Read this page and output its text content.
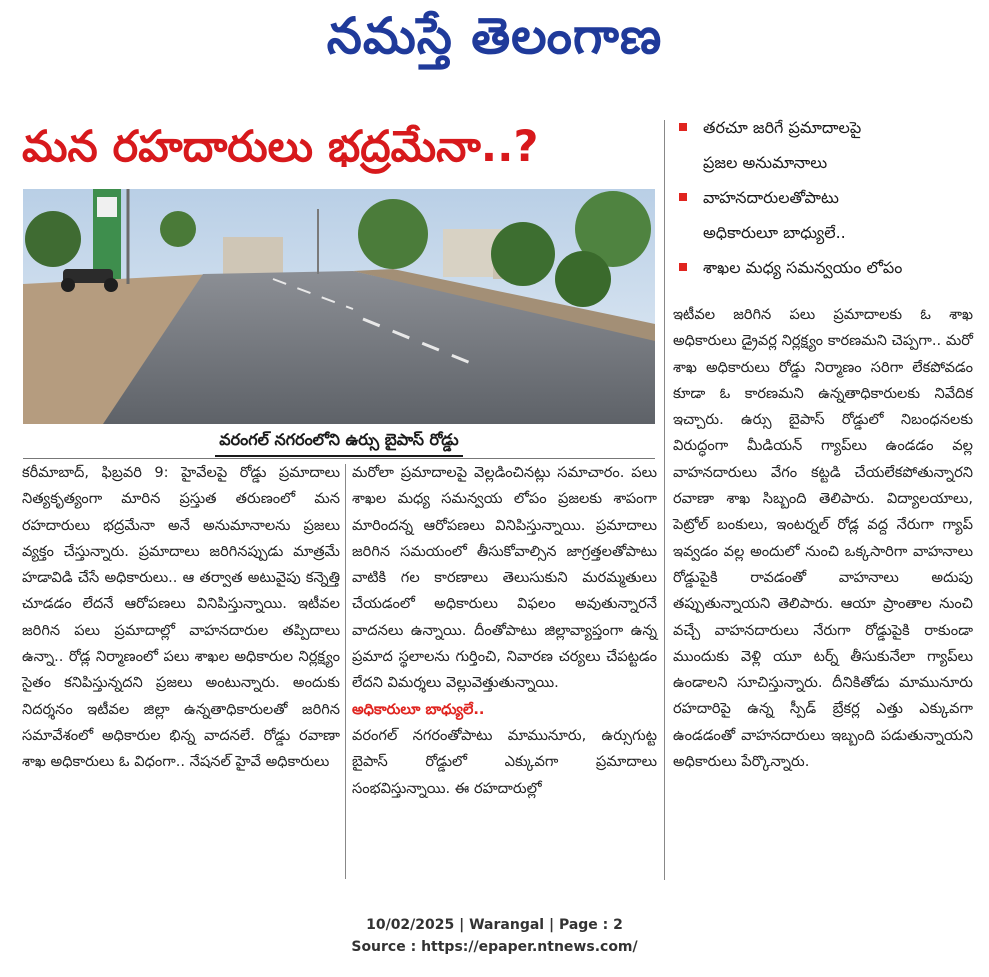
నమస్తే తెలంగాణ
మన రహదారులు భద్రమేనా..?	తరచూ జరిగే ప్రమాదాలపై
ప్రజల అనుమానాలు
వాహనదారులతోపాటు
అధికారులూ బాధ్యులే..
శాఖల మధ్య సమన్వయం లోపం
వరంగల్ నగరంలోని ఉర్సు బైపాస్ రోడ్డు

కరీమాబాద్, ఫిబ్రవరి 9: హైవేలపై రోడ్డు ప్రమాదాలు నిత్యకృత్యంగా మారిన ప్రస్తుత తరుణంలో మన రహదారులు భద్రమేనా అనే అనుమానాలను ప్రజలు వ్యక్తం చేస్తున్నారు. ప్రమాదాలు జరిగినప్పుడు మాత్రమే హడావిడి చేసే అధికారులు.. ఆ తర్వాత అటువైపు కన్నెత్తి చూడడం లేదనే ఆరోపణలు వినిపిస్తున్నాయి. ఇటీవల జరిగిన పలు ప్రమాదాల్లో వాహనదారుల తప్పిదాలు ఉన్నా.. రోడ్ల నిర్మాణంలో పలు శాఖల అధికారుల నిర్లక్ష్యం సైతం కనిపిస్తున్నదని ప్రజలు అంటున్నారు. అందుకు నిదర్శనం ఇటీవల జిల్లా ఉన్నతాధికారులతో జరిగిన సమావేశంలో అధికారుల భిన్న వాదనలే. రోడ్డు రవాణా శాఖ అధికారులు ఓ విధంగా.. నేషనల్ హైవే అధికారులు

మరోలా ప్రమాదాలపై వెల్లడించినట్లు సమాచారం. పలు శాఖల మధ్య సమన్వయ లోపం ప్రజలకు శాపంగా మారిందన్న ఆరోపణలు వినిపిస్తున్నాయి. ప్రమాదాలు జరిగిన సమయంలో తీసుకోవాల్సిన జాగ్రత్తలతోపాటు వాటికి గల కారణాలు తెలుసుకుని మరమ్మతులు చేయడంలో అధికారులు విఫలం అవుతున్నారనే వాదనలు ఉన్నాయి. దీంతోపాటు జిల్లావ్యాప్తంగా ఉన్న ప్రమాద స్థలాలను గుర్తించి, నివారణ చర్యలు చేపట్టడం లేదని విమర్శలు వెల్లువెత్తుతున్నాయి.

అధికారులూ బాధ్యులే..

వరంగల్ నగరంతోపాటు మామునూరు, ఉర్సుగుట్ట బైపాస్ రోడ్డులో ఎక్కువగా ప్రమాదాలు సంభవిస్తున్నాయి. ఈ రహదారుల్లో

ఇటీవల జరిగిన పలు ప్రమాదాలకు ఓ శాఖ అధికారులు డ్రైవర్ల నిర్లక్ష్యం కారణమని చెప్పగా.. మరో శాఖ అధికారులు రోడ్డు నిర్మాణం సరిగా లేకపోవడం కూడా ఓ కారణమని ఉన్నతాధికారులకు నివేదిక ఇచ్చారు. ఉర్సు బైపాస్ రోడ్డులో నిబంధనలకు విరుద్ధంగా మీడియన్ గ్యాప్‌లు ఉండడం వల్ల వాహనదారులు వేగం కట్టడి చేయలేకపోతున్నారని రవాణా శాఖ సిబ్బంది తెలిపారు. విద్యాలయాలు, పెట్రోల్ బంకులు, ఇంటర్నల్ రోడ్ల వద్ద నేరుగా గ్యాప్ ఇవ్వడం వల్ల అందులో నుంచి ఒక్కసారిగా వాహనాలు రోడ్డుపైకి రావడంతో వాహనాలు అదుపు తప్పుతున్నాయని తెలిపారు. ఆయా ప్రాంతాల నుంచి వచ్చే వాహనదారులు నేరుగా రోడ్డుపైకి రాకుండా ముందుకు వెళ్లి యూ టర్న్ తీసుకునేలా గ్యాప్‌లు ఉండాలని సూచిస్తున్నారు. దీనికితోడు మామునూరు రహదారిపై ఉన్న స్పీడ్ బ్రేకర్ల ఎత్తు ఎక్కువగా ఉండడంతో వాహనదారులు ఇబ్బంది పడుతున్నాయని అధికారులు పేర్కొన్నారు.

10/02/2025 | Warangal | Page : 2
Source : https://epaper.ntnews.com/
